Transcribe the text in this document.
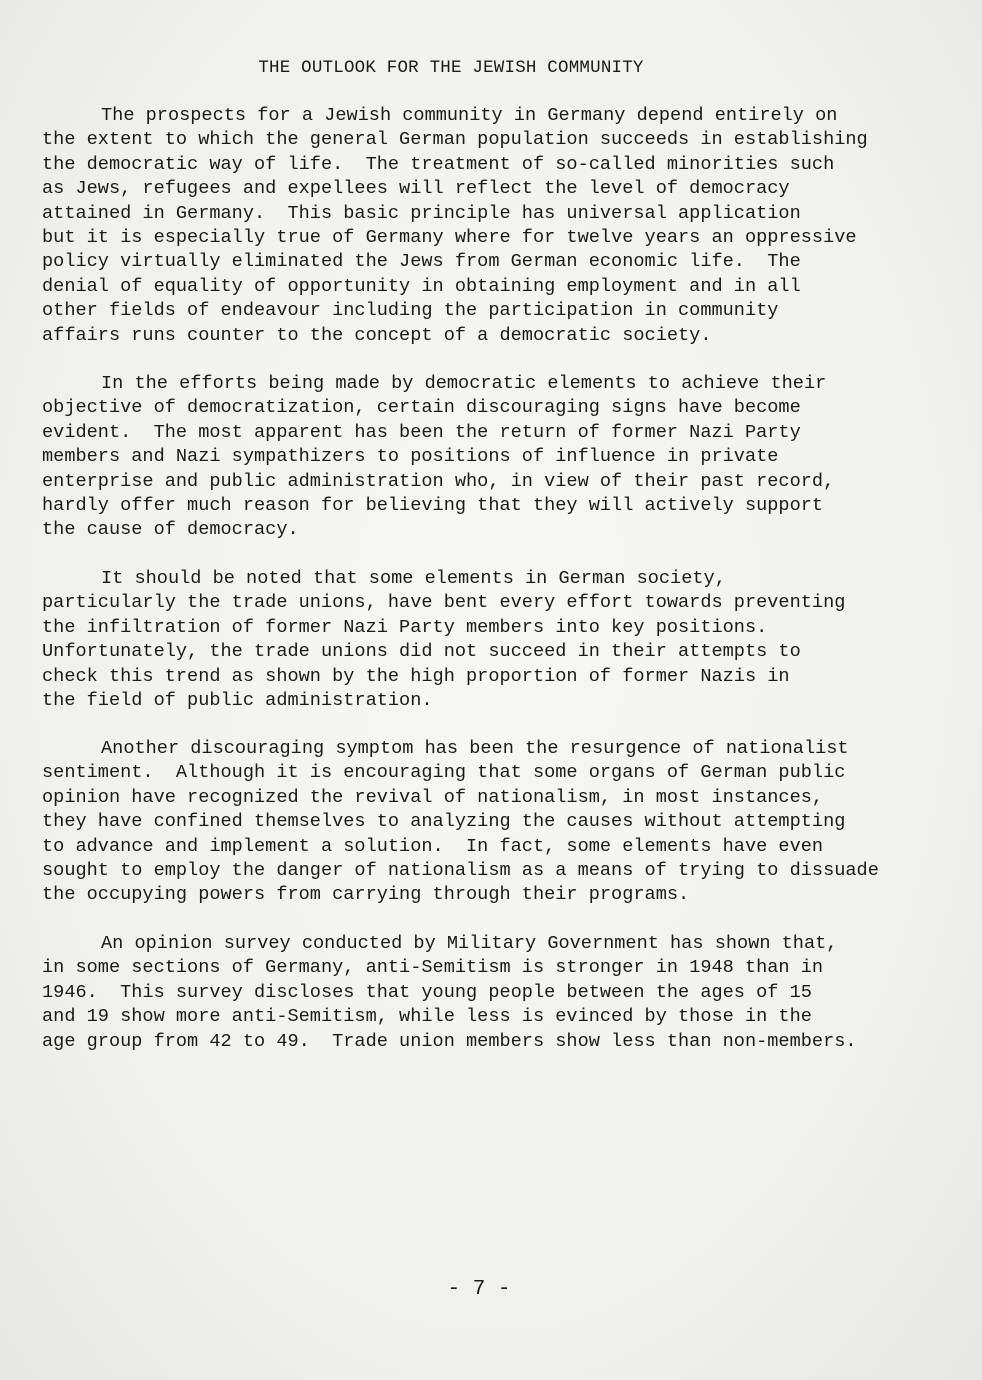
THE OUTLOOK FOR THE JEWISH COMMUNITY
The prospects for a Jewish community in Germany depend entirely on
the extent to which the general German population succeeds in establishing
the democratic way of life.  The treatment of so-called minorities such
as Jews, refugees and expellees will reflect the level of democracy
attained in Germany.  This basic principle has universal application
but it is especially true of Germany where for twelve years an oppressive
policy virtually eliminated the Jews from German economic life.  The
denial of equality of opportunity in obtaining employment and in all
other fields of endeavour including the participation in community
affairs runs counter to the concept of a democratic society.
In the efforts being made by democratic elements to achieve their
objective of democratization, certain discouraging signs have become
evident.  The most apparent has been the return of former Nazi Party
members and Nazi sympathizers to positions of influence in private
enterprise and public administration who, in view of their past record,
hardly offer much reason for believing that they will actively support
the cause of democracy.
It should be noted that some elements in German society,
particularly the trade unions, have bent every effort towards preventing
the infiltration of former Nazi Party members into key positions.
Unfortunately, the trade unions did not succeed in their attempts to
check this trend as shown by the high proportion of former Nazis in
the field of public administration.
Another discouraging symptom has been the resurgence of nationalist
sentiment.  Although it is encouraging that some organs of German public
opinion have recognized the revival of nationalism, in most instances,
they have confined themselves to analyzing the causes without attempting
to advance and implement a solution.  In fact, some elements have even
sought to employ the danger of nationalism as a means of trying to dissuade
the occupying powers from carrying through their programs.
An opinion survey conducted by Military Government has shown that,
in some sections of Germany, anti-Semitism is stronger in 1948 than in
1946.  This survey discloses that young people between the ages of 15
and 19 show more anti-Semitism, while less is evinced by those in the
age group from 42 to 49.  Trade union members show less than non-members.

- 7 -
